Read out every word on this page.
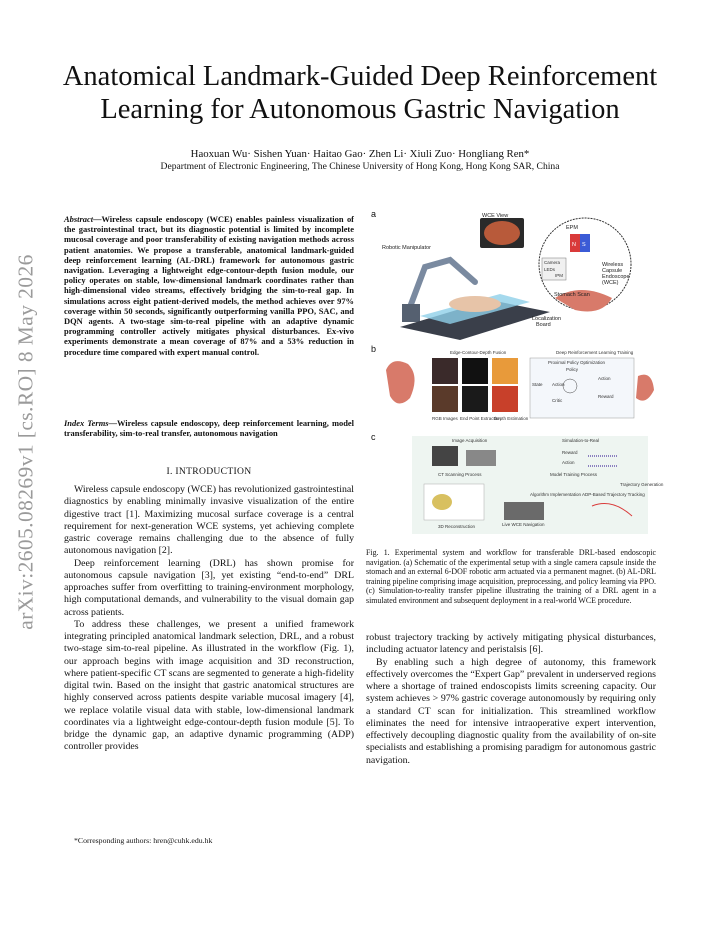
arXiv:2605.08269v1 [cs.RO] 8 May 2026
Anatomical Landmark-Guided Deep Reinforcement
Learning for Autonomous Gastric Navigation
Haoxuan Wu· Sishen Yuan· Haitao Gao· Zhen Li· Xiuli Zuo· Hongliang Ren*
Department of Electronic Engineering, The Chinese University of Hong Kong, Hong Kong SAR, China
Abstract—Wireless capsule endoscopy (WCE) enables painless visualization of the gastrointestinal tract, but its diagnostic potential is limited by incomplete mucosal coverage and poor transferability of existing navigation methods across patient anatomies. We propose a transferable, anatomical landmark-guided deep reinforcement learning (AL-DRL) framework for autonomous gastric navigation. Leveraging a lightweight edge-contour-depth fusion module, our policy operates on stable, low-dimensional landmark coordinates rather than high-dimensional video streams, effectively bridging the sim-to-real gap. In simulations across eight patient-derived models, the method achieves over 97% coverage within 50 seconds, significantly outperforming vanilla PPO, SAC, and DQN agents. A two-stage sim-to-real pipeline with an adaptive dynamic programming controller actively mitigates physical disturbances. Ex-vivo experiments demonstrate a mean coverage of 87% and a 53% reduction in procedure time compared with expert manual control.
Index Terms—Wireless capsule endoscopy, deep reinforcement learning, model transferability, sim-to-real transfer, autonomous navigation
I. INTRODUCTION

Wireless capsule endoscopy (WCE) has revolutionized gastrointestinal diagnostics by enabling minimally invasive visualization of the entire digestive tract [1]. Maximizing mucosal surface coverage is a central requirement for next-generation WCE systems, yet achieving complete gastric coverage remains challenging due to the absence of fully autonomous navigation [2].

Deep reinforcement learning (DRL) has shown promise for autonomous capsule navigation [3], yet existing “end-to-end” DRL approaches suffer from overfitting to training-environment morphology, high computational demands, and vulnerability to the visual domain gap across patients.

To address these challenges, we present a unified framework integrating principled anatomical landmark selection, DRL, and a robust two-stage sim-to-real pipeline. As illustrated in the workflow (Fig. 1), our approach begins with image acquisition and 3D reconstruction, where patient-specific CT scans are segmented to generate a high-fidelity digital twin. Based on the insight that gastric anatomical structures are highly conserved across patients despite variable mucosal imagery [4], we replace volatile visual data with stable, low-dimensional landmark coordinates via a lightweight edge-contour-depth fusion module [5]. To bridge the dynamic gap, an adaptive dynamic programming (ADP) controller provides

*Corresponding authors: hren@cuhk.edu.hk
a
b
c
WCE View
Robotic Manipulator
EPM
N S
Camera
LEDs
IPM
Wireless
Capsule
Endoscope
(WCE)
Stomach Scan
Localization
Board
Edge-Contour-Depth Fusion
RGB Images End Point Extraction
Depth Estimation
Deep Reinforcement Learning Training
Proximal Policy Optimization
Policy
State Action
Action
Reward
Critic
Image Acquisition	Simulation-to-Real
CT Scanning Process
Reward
Action
Model Training Process
Trajectory Generation
3D Reconstruction
Algorithm Implementation ADP-Based Trajectory Tracking
Live WCE Navigation
Fig. 1. Experimental system and workflow for transferable DRL-based endoscopic navigation. (a) Schematic of the experimental setup with a single camera capsule inside the stomach and an external 6-DOF robotic arm actuated via a permanent magnet. (b) AL-DRL training pipeline comprising image acquisition, preprocessing, and policy learning via PPO. (c) Simulation-to-reality transfer pipeline illustrating the training of a DRL agent in a simulated environment and subsequent deployment in a real-world WCE procedure.

robust trajectory tracking by actively mitigating physical disturbances, including actuator latency and peristalsis [6].

By enabling such a high degree of autonomy, this framework effectively overcomes the “Expert Gap” prevalent in underserved regions where a shortage of trained endoscopists limits screening capacity. Our system achieves > 97% gastric coverage autonomously by requiring only a standard CT scan for initialization. This streamlined workflow eliminates the need for intensive intraoperative expert intervention, effectively decoupling diagnostic quality from the availability of on-site specialists and establishing a promising paradigm for autonomous gastric navigation.
